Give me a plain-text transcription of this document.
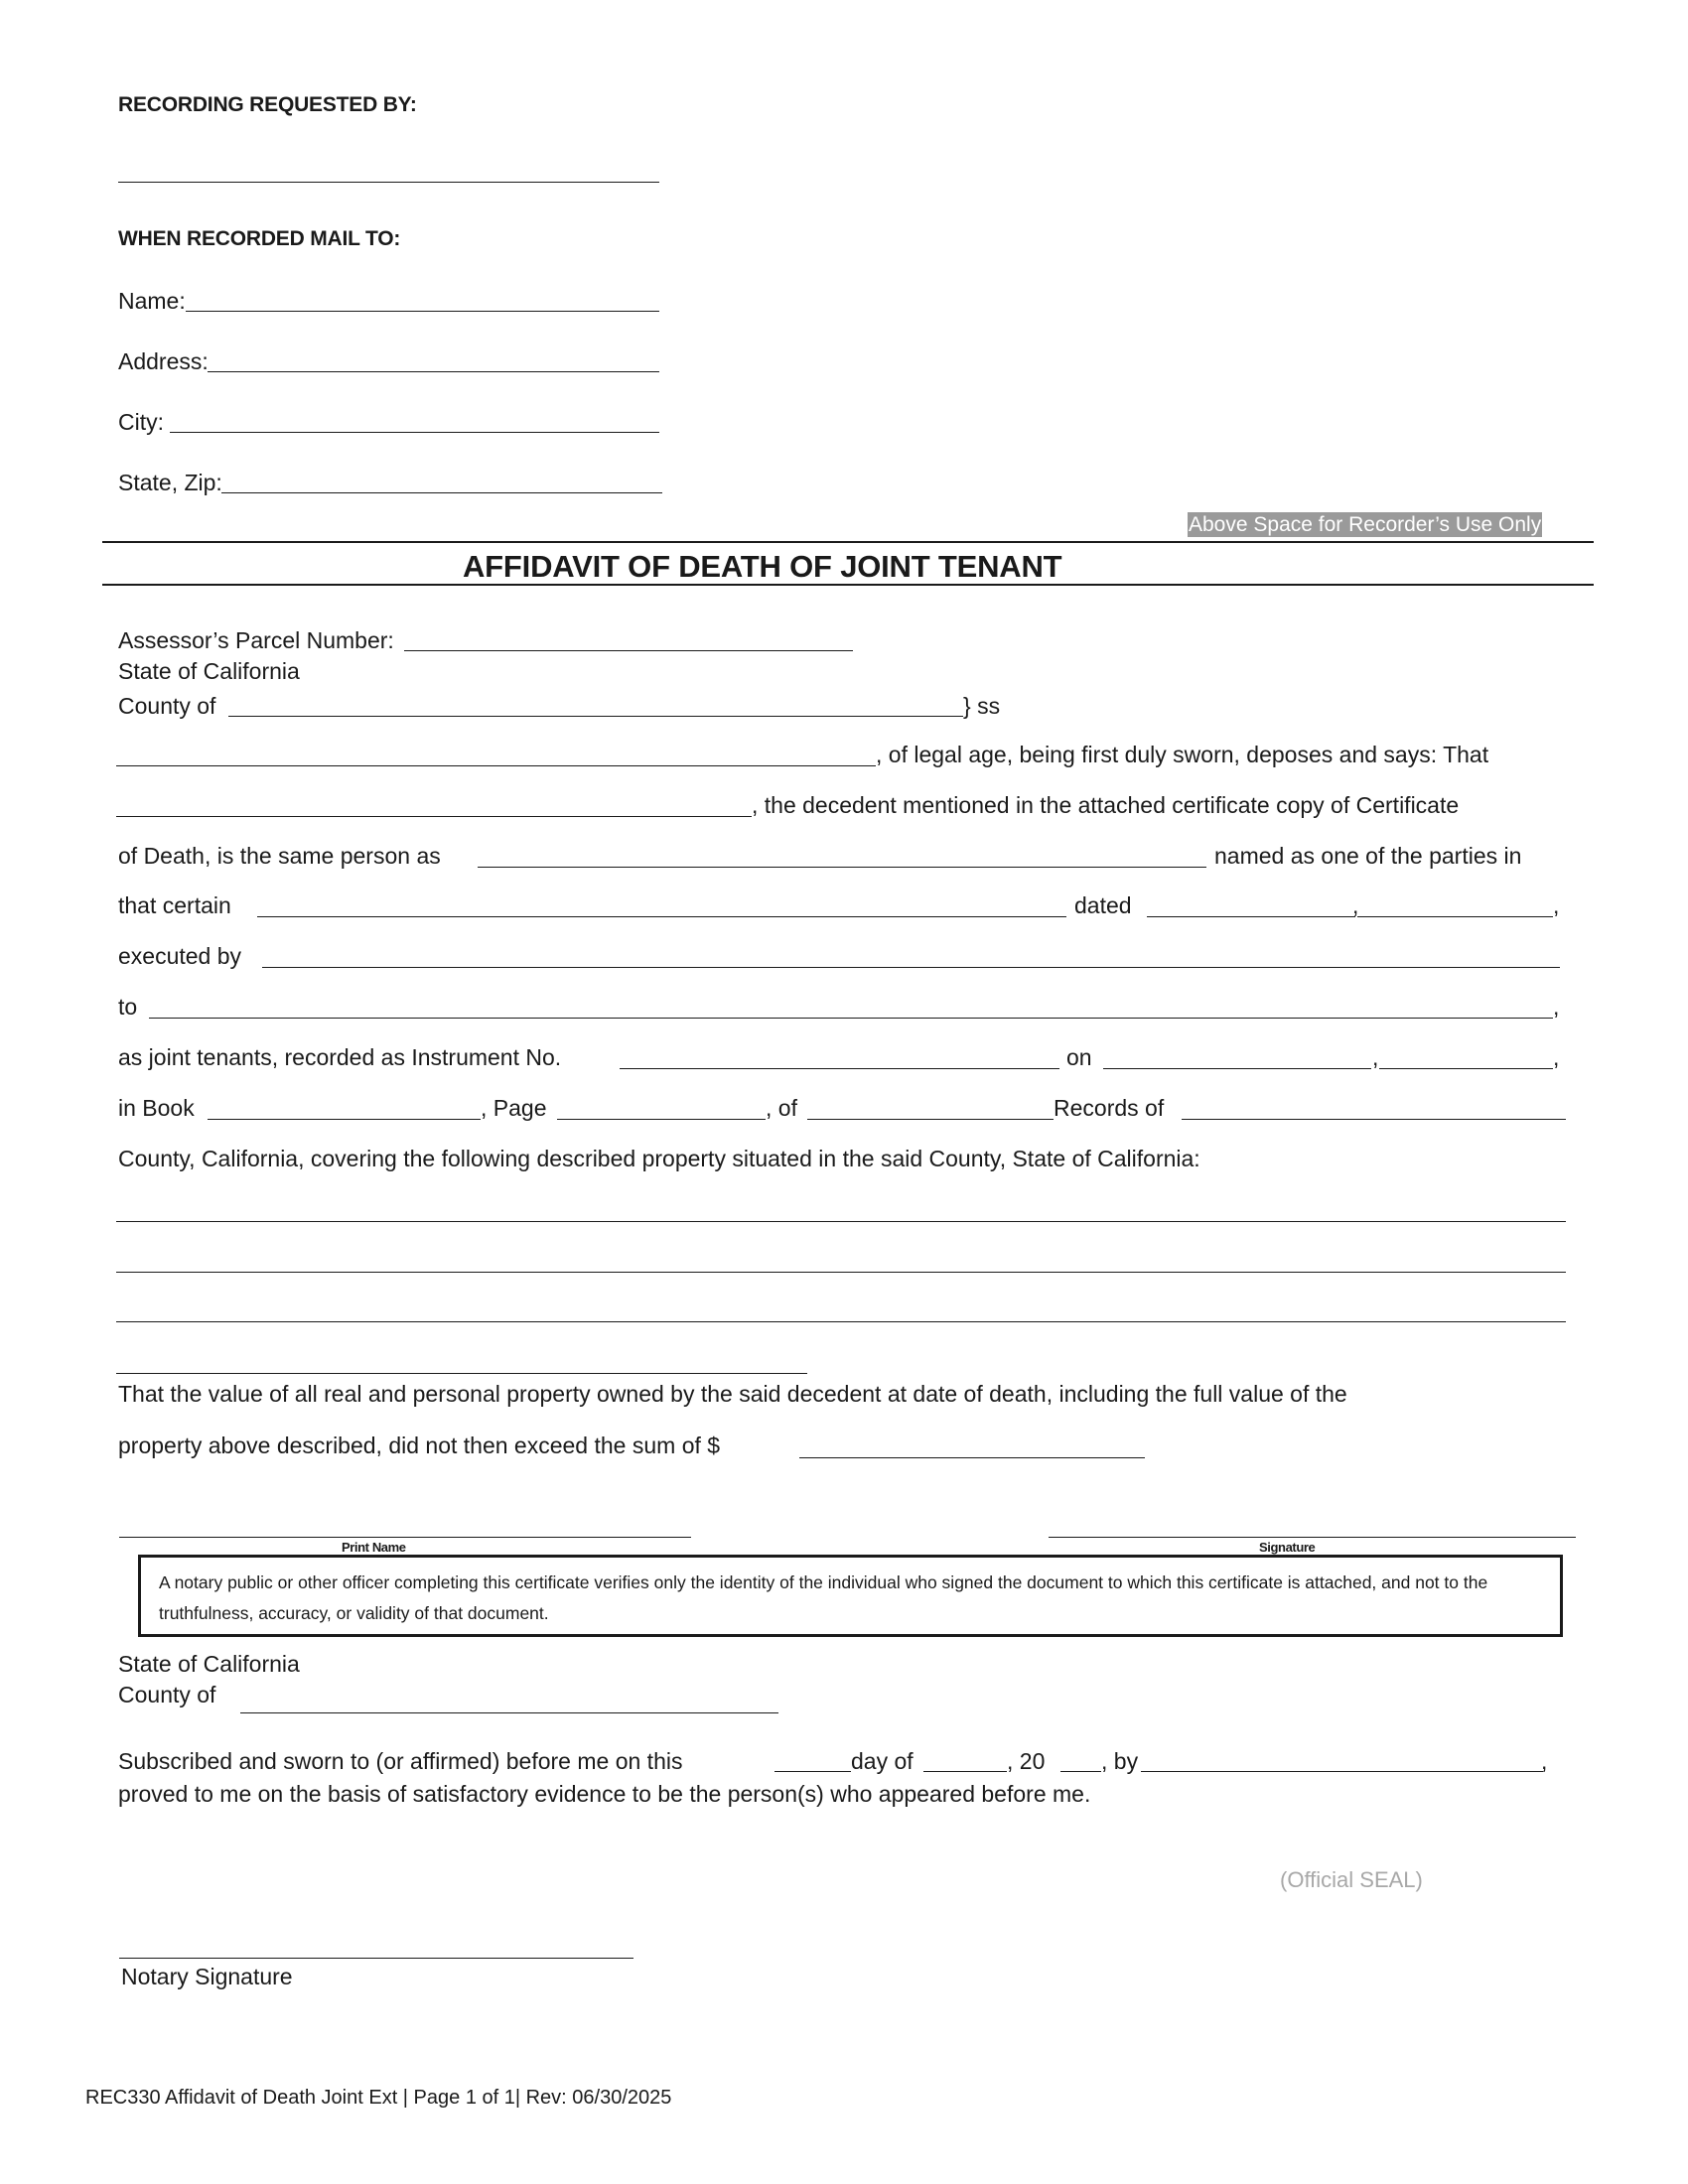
RECORDING REQUESTED BY:
WHEN RECORDED MAIL TO:
Name:
Address:
City:
State, Zip:
Above Space for Recorder’s Use Only
AFFIDAVIT OF DEATH OF JOINT TENANT
Assessor’s Parcel Number:
State of California
County of	} ss
, of legal age, being first duly sworn, deposes and says: That
, the decedent mentioned in the attached certificate copy of Certificate
of Death, is the same person as	named as one of the parties in
that certain	dated	,	,
executed by
to	,
as joint tenants, recorded as Instrument No.	on	,	,
in Book	, Page	, of	Records of
County, California, covering the following described property situated in the said County, State of California:
That the value of all real and personal property owned by the said decedent at date of death, including the full value of the
property above described, did not then exceed the sum of $
Print Name	Signature
A notary public or other officer completing this certificate verifies only the identity of the individual who signed the document to which this certificate is attached, and not to the truthfulness, accuracy, or validity of that document.
State of California
County of
Subscribed and sworn to (or affirmed) before me on this	day of	, 20 , by	,
proved to me on the basis of satisfactory evidence to be the person(s) who appeared before me.
(Official SEAL)
Notary Signature
REC330 Affidavit of Death Joint Ext | Page 1 of 1| Rev: 06/30/2025
